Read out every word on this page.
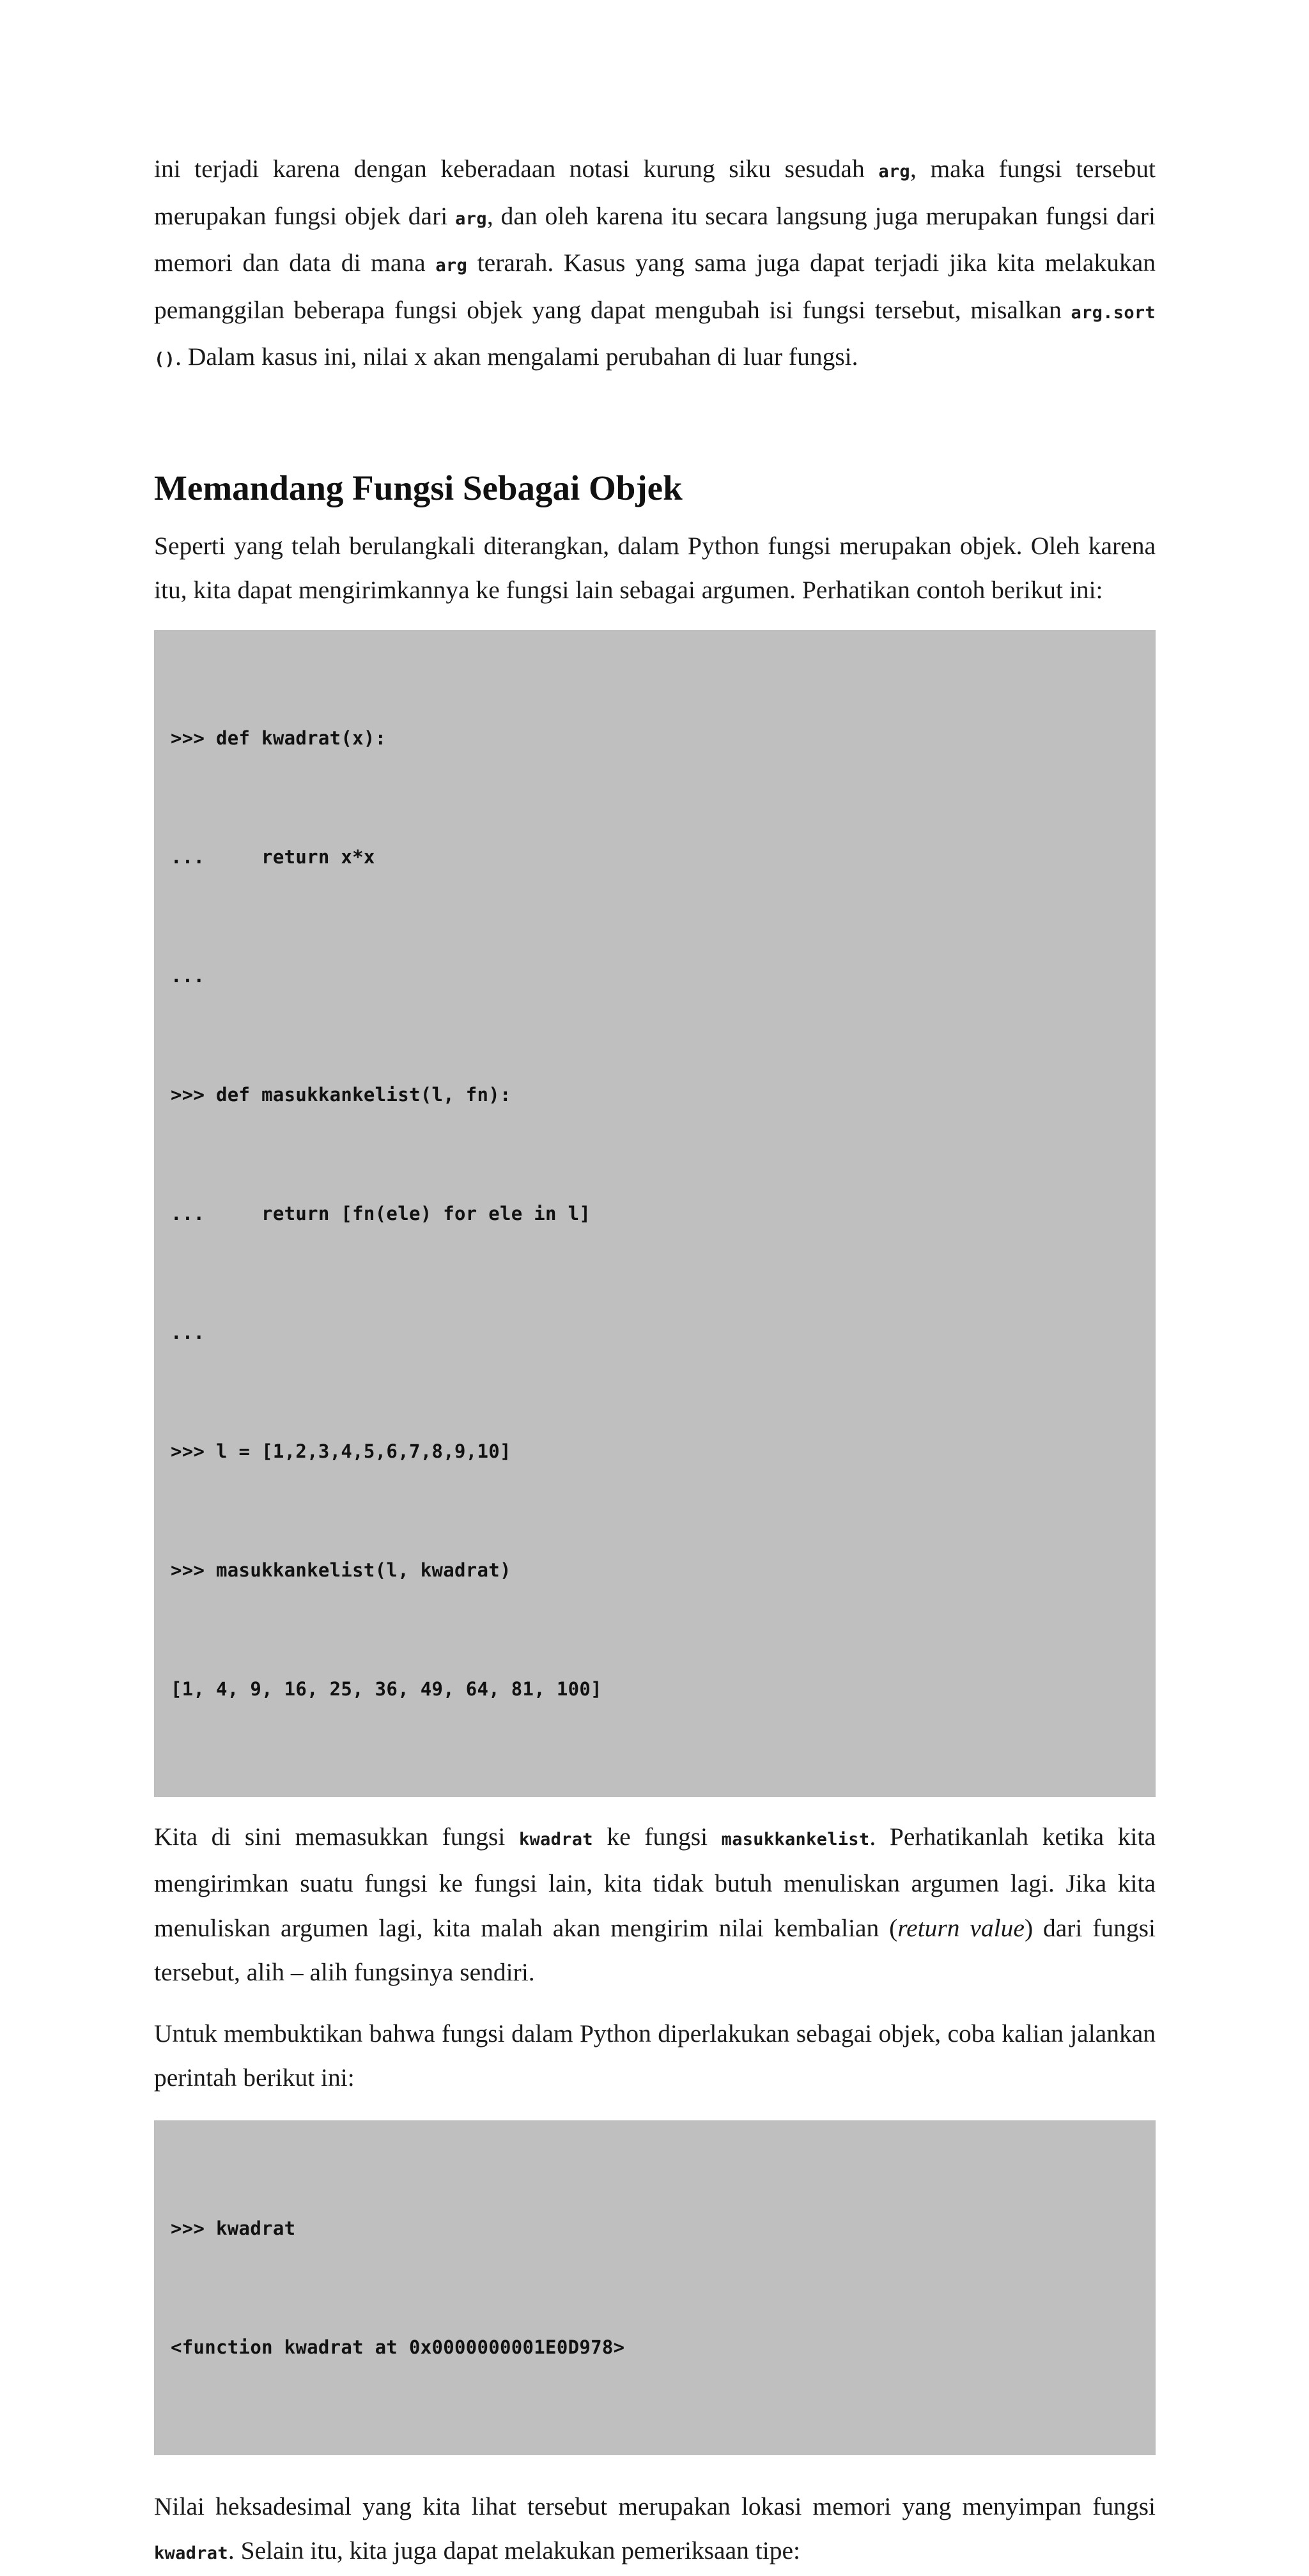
ini terjadi karena dengan keberadaan notasi kurung siku sesudah arg, maka fungsi tersebut merupakan fungsi objek dari arg, dan oleh karena itu secara langsung juga merupakan fungsi dari memori dan data di mana arg terarah. Kasus yang sama juga dapat terjadi jika kita melakukan pemanggilan beberapa fungsi objek yang dapat mengubah isi fungsi tersebut, misalkan arg.sort (). Dalam kasus ini, nilai x akan mengalami perubahan di luar fungsi.

Memandang Fungsi Sebagai Objek

Seperti yang telah berulangkali diterangkan, dalam Python fungsi merupakan objek. Oleh karena itu, kita dapat mengirimkannya ke fungsi lain sebagai argumen. Perhatikan contoh berikut ini:

>>> def kwadrat(x):

...     return x*x

...

>>> def masukkankelist(l, fn):

...     return [fn(ele) for ele in l]

...

>>> l = [1,2,3,4,5,6,7,8,9,10]

>>> masukkankelist(l, kwadrat)

[1, 4, 9, 16, 25, 36, 49, 64, 81, 100]

Kita di sini memasukkan fungsi kwadrat ke fungsi masukkankelist. Perhatikanlah ketika kita mengirimkan suatu fungsi ke fungsi lain, kita tidak butuh menuliskan argumen lagi. Jika kita menuliskan argumen lagi, kita malah akan mengirim nilai kembalian (return value) dari fungsi tersebut, alih – alih fungsinya sendiri.

Untuk membuktikan bahwa fungsi dalam Python diperlakukan sebagai objek, coba kalian jalankan perintah berikut ini:

>>> kwadrat

<function kwadrat at 0x0000000001E0D978>

Nilai heksadesimal yang kita lihat tersebut merupakan lokasi memori yang menyimpan fungsi kwadrat. Selain itu, kita juga dapat melakukan pemeriksaan tipe:
